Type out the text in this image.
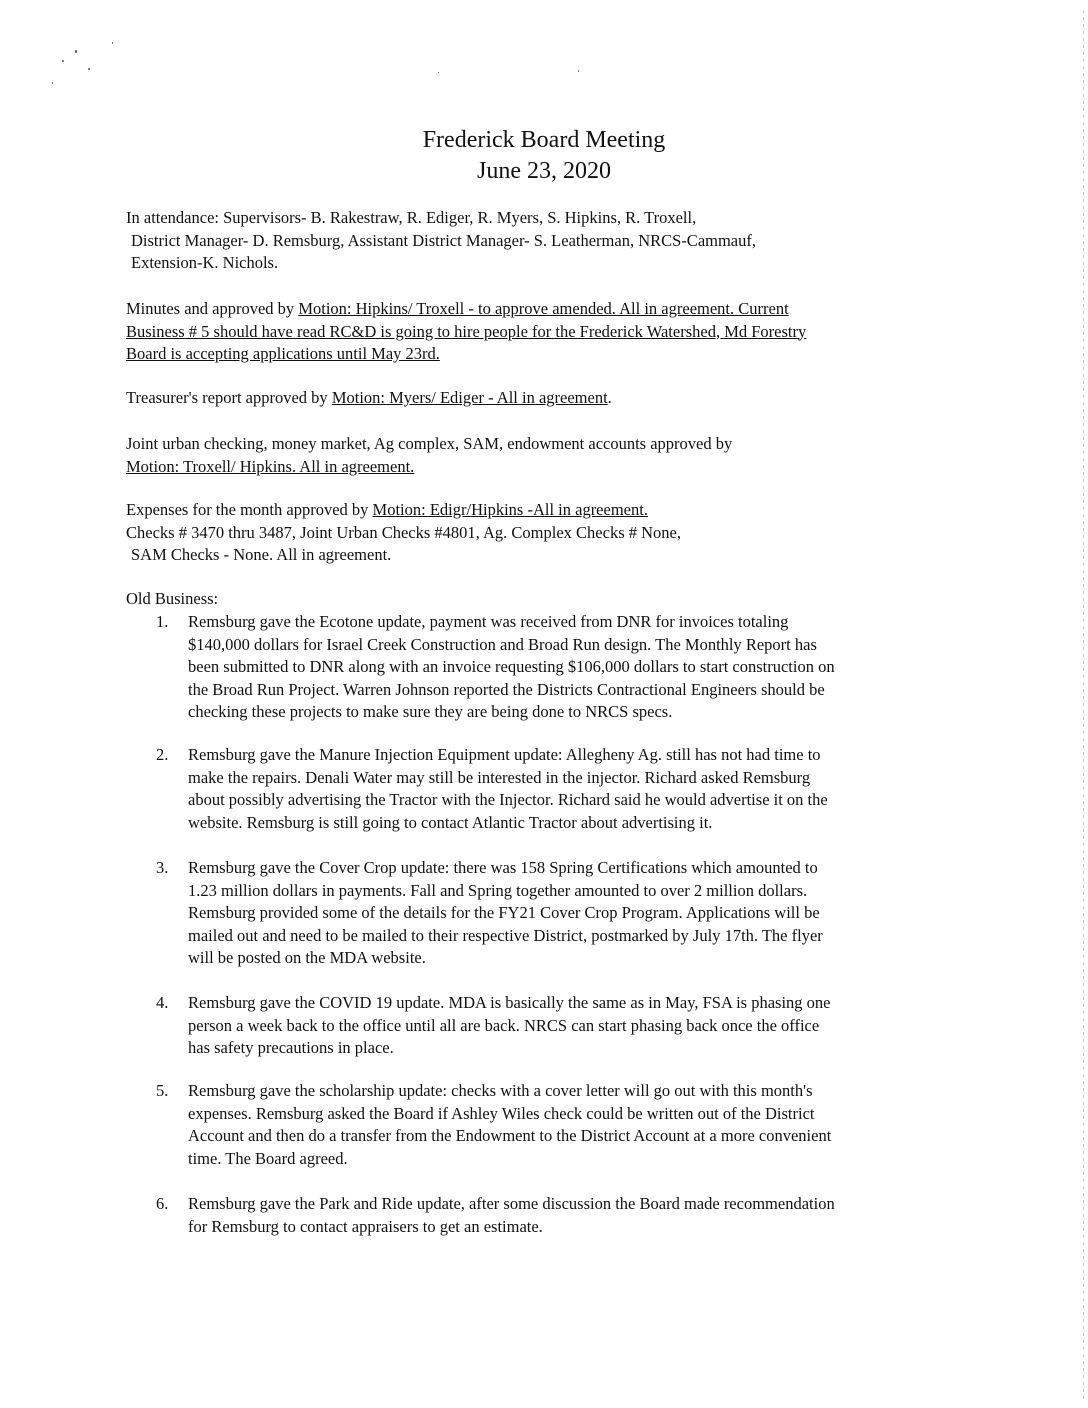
Frederick Board Meeting
June 23, 2020
In attendance: Supervisors- B. Rakestraw, R. Ediger, R. Myers, S. Hipkins, R. Troxell,
District Manager- D. Remsburg, Assistant District Manager- S. Leatherman, NRCS-Cammauf,
Extension-K. Nichols.
Minutes and approved by Motion: Hipkins/ Troxell - to approve amended. All in agreement. Current
Business # 5 should have read RC&D is going to hire people for the Frederick Watershed, Md Forestry
Board is accepting applications until May 23rd.
Treasurer's report approved by Motion: Myers/ Ediger - All in agreement.
Joint urban checking, money market, Ag complex, SAM, endowment accounts approved by
Motion: Troxell/ Hipkins. All in agreement.
Expenses for the month approved by Motion: Edigr/Hipkins -All in agreement.
Checks # 3470 thru 3487, Joint Urban Checks #4801, Ag. Complex Checks # None,
SAM Checks - None. All in agreement.
Old Business:
1. Remsburg gave the Ecotone update, payment was received from DNR for invoices totaling
$140,000 dollars for Israel Creek Construction and Broad Run design. The Monthly Report has
been submitted to DNR along with an invoice requesting $106,000 dollars to start construction on
the Broad Run Project. Warren Johnson reported the Districts Contractional Engineers should be
checking these projects to make sure they are being done to NRCS specs.
2. Remsburg gave the Manure Injection Equipment update: Allegheny Ag. still has not had time to
make the repairs. Denali Water may still be interested in the injector. Richard asked Remsburg
about possibly advertising the Tractor with the Injector. Richard said he would advertise it on the
website. Remsburg is still going to contact Atlantic Tractor about advertising it.
3. Remsburg gave the Cover Crop update: there was 158 Spring Certifications which amounted to
1.23 million dollars in payments. Fall and Spring together amounted to over 2 million dollars.
Remsburg provided some of the details for the FY21 Cover Crop Program. Applications will be
mailed out and need to be mailed to their respective District, postmarked by July 17th. The flyer
will be posted on the MDA website.
4. Remsburg gave the COVID 19 update. MDA is basically the same as in May, FSA is phasing one
person a week back to the office until all are back. NRCS can start phasing back once the office
has safety precautions in place.
5. Remsburg gave the scholarship update: checks with a cover letter will go out with this month's
expenses. Remsburg asked the Board if Ashley Wiles check could be written out of the District
Account and then do a transfer from the Endowment to the District Account at a more convenient
time. The Board agreed.
6. Remsburg gave the Park and Ride update, after some discussion the Board made recommendation
for Remsburg to contact appraisers to get an estimate.
